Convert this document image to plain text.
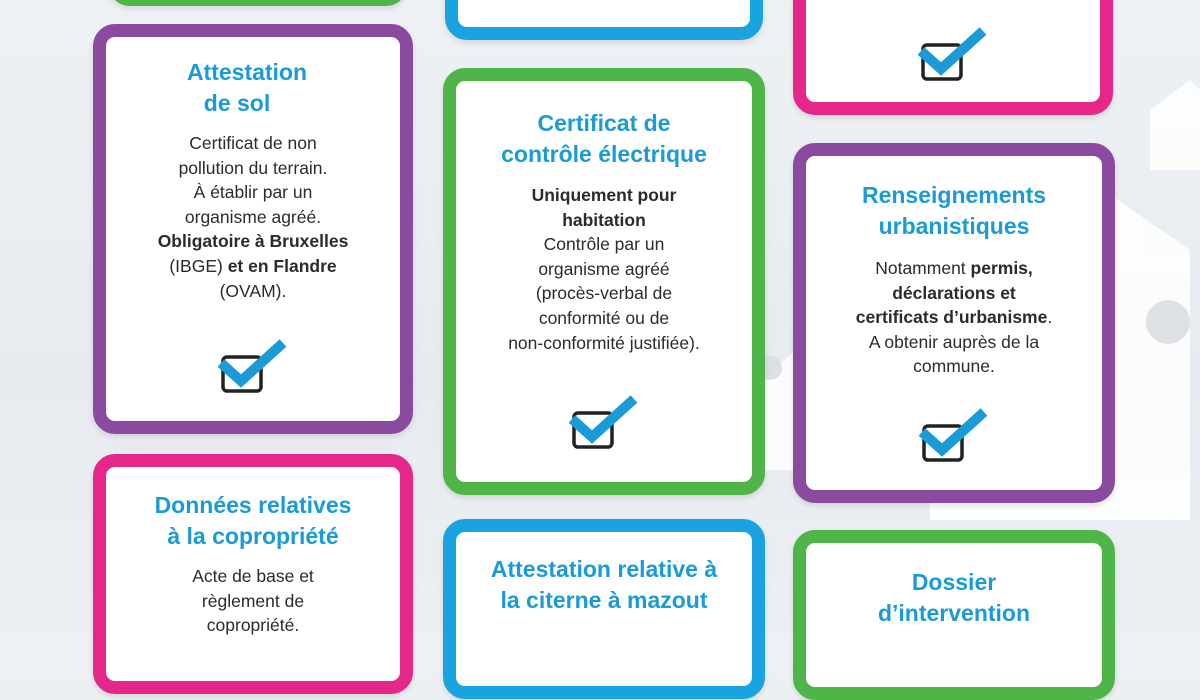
Attestation
de sol
Certificat de non
pollution du terrain.
À établir par un
organisme agréé.
Obligatoire à Bruxelles
(IBGE) et en Flandre
(OVAM).
Certificat de
contrôle électrique
Uniquement pour
habitation
Contrôle par un
organisme agréé
(procès-verbal de
conformité ou de
non-conformité justifiée).
Renseignements
urbanistiques
Notamment permis,
déclarations et
certificats d’urbanisme.
A obtenir auprès de la
commune.
Données relatives
à la copropriété
Acte de base et
règlement de
copropriété.
Attestation relative à
la citerne à mazout
Dossier
d’intervention
